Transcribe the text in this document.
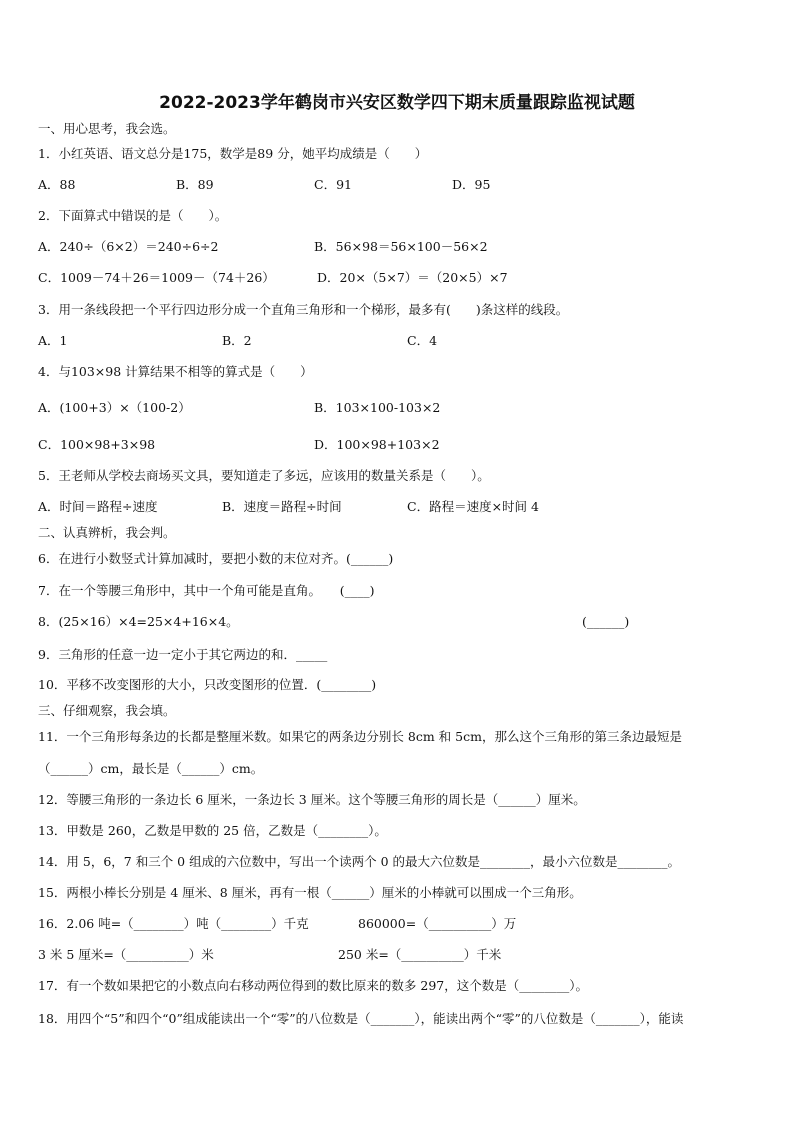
2022-2023学年鹤岗市兴安区数学四下期末质量跟踪监视试题
一、用心思考，我会选。
1．小红英语、语文总分是175，数学是89 分，她平均成绩是（　　）
A．88	B．89	C．91	D．95
2．下面算式中错误的是（　　）。
A．240÷（6×2）＝240÷6÷2	B．56×98＝56×100－56×2
C．1009－74＋26＝1009－（74＋26）	D．20×（5×7）＝（20×5）×7
3．用一条线段把一个平行四边形分成一个直角三角形和一个梯形，最多有(　　)条这样的线段。
A．1	B．2	C．4
4．与103×98 计算结果不相等的算式是（　　）
A．(100+3）×（100-2）	B．103×100-103×2
C．100×98+3×98	D．100×98+103×2
5．王老师从学校去商场买文具，要知道走了多远，应该用的数量关系是（　　）。
A．时间＝路程÷速度	B．速度＝路程÷时间	C．路程＝速度×时间 4
二、认真辨析，我会判。
6．在进行小数竖式计算加减时，要把小数的末位对齐。(______)
7．在一个等腰三角形中，其中一个角可能是直角。　　(____)
8．(25×16）×4=25×4+16×4。	(______)
9．三角形的任意一边一定小于其它两边的和．_____
10．平移不改变图形的大小，只改变图形的位置．(________)
三、仔细观察，我会填。
11．一个三角形每条边的长都是整厘米数。如果它的两条边分别长 8cm 和 5cm，那么这个三角形的第三条边最短是
（______）cm，最长是（______）cm。
12．等腰三角形的一条边长 6 厘米，一条边长 3 厘米。这个等腰三角形的周长是（______）厘米。
13．甲数是 260，乙数是甲数的 25 倍，乙数是（________）。
14．用 5，6，7 和三个 0 组成的六位数中，写出一个读两个 0 的最大六位数是________，最小六位数是________。
15．两根小棒长分别是 4 厘米、8 厘米，再有一根（______）厘米的小棒就可以围成一个三角形。
16．2.06 吨=（________）吨（________）千克	860000=（__________）万
3 米 5 厘米=（__________）米	250 米=（__________）千米
17．有一个数如果把它的小数点向右移动两位得到的数比原来的数多 297，这个数是（________）。
18．用四个“5”和四个“0”组成能读出一个“零”的八位数是（_______），能读出两个“零”的八位数是（_______），能读
